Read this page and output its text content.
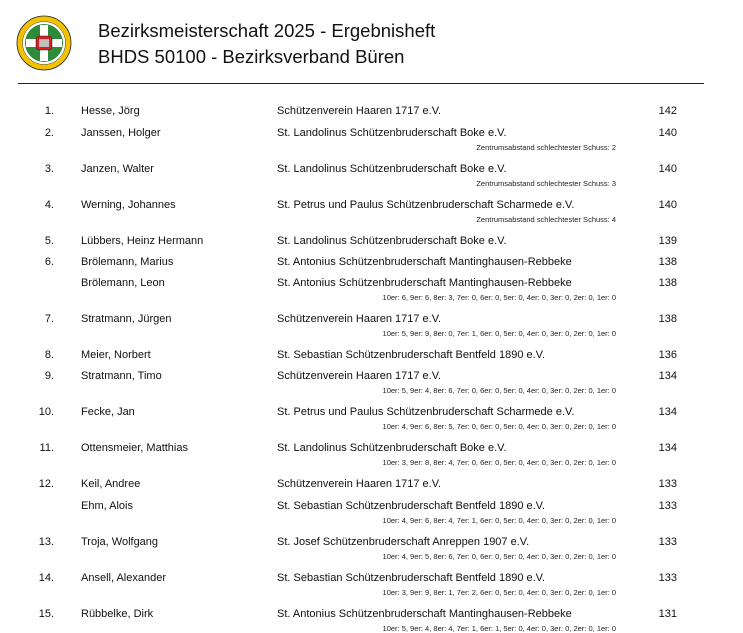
Bezirksmeisterschaft 2025 - Ergebnisheft
BHDS 50100 - Bezirksverband Büren
1. Hesse, Jörg	Schützenverein Haaren 1717 e.V.	142
2. Janssen, Holger	St. Landolinus Schützenbruderschaft Boke e.V.	140
Zentrumsabstand schlechtester Schuss: 2
3. Janzen, Walter	St. Landolinus Schützenbruderschaft Boke e.V.	140
Zentrumsabstand schlechtester Schuss: 3
4. Werning, Johannes	St. Petrus und Paulus Schützenbruderschaft Scharmede e.V.	140
Zentrumsabstand schlechtester Schuss: 4
5. Lübbers, Heinz Hermann	St. Landolinus Schützenbruderschaft Boke e.V.	139
6. Brölemann, Marius	St. Antonius Schützenbruderschaft Mantinghausen-Rebbeke	138
Brölemann, Leon	St. Antonius Schützenbruderschaft Mantinghausen-Rebbeke	138
10er: 6, 9er: 6, 8er: 3, 7er: 0, 6er: 0, 5er: 0, 4er: 0, 3er: 0, 2er: 0, 1er: 0
7. Stratmann, Jürgen	Schützenverein Haaren 1717 e.V.	138
10er: 5, 9er: 9, 8er: 0, 7er: 1, 6er: 0, 5er: 0, 4er: 0, 3er: 0, 2er: 0, 1er: 0
8. Meier, Norbert	St. Sebastian Schützenbruderschaft Bentfeld 1890 e.V.	136
9. Stratmann, Timo	Schützenverein Haaren 1717 e.V.	134
10er: 5, 9er: 4, 8er: 6, 7er: 0, 6er: 0, 5er: 0, 4er: 0, 3er: 0, 2er: 0, 1er: 0
10. Fecke, Jan	St. Petrus und Paulus Schützenbruderschaft Scharmede e.V.	134
10er: 4, 9er: 6, 8er: 5, 7er: 0, 6er: 0, 5er: 0, 4er: 0, 3er: 0, 2er: 0, 1er: 0
11. Ottensmeier, Matthias	St. Landolinus Schützenbruderschaft Boke e.V.	134
10er: 3, 9er: 8, 8er: 4, 7er: 0, 6er: 0, 5er: 0, 4er: 0, 3er: 0, 2er: 0, 1er: 0
12. Keil, Andree	Schützenverein Haaren 1717 e.V.	133
Ehm, Alois	St. Sebastian Schützenbruderschaft Bentfeld 1890 e.V.	133
10er: 4, 9er: 6, 8er: 4, 7er: 1, 6er: 0, 5er: 0, 4er: 0, 3er: 0, 2er: 0, 1er: 0
13. Troja, Wolfgang	St. Josef Schützenbruderschaft Anreppen 1907 e.V.	133
10er: 4, 9er: 5, 8er: 6, 7er: 0, 6er: 0, 5er: 0, 4er: 0, 3er: 0, 2er: 0, 1er: 0
14. Ansell, Alexander	St. Sebastian Schützenbruderschaft Bentfeld 1890 e.V.	133
10er: 3, 9er: 9, 8er: 1, 7er: 2, 6er: 0, 5er: 0, 4er: 0, 3er: 0, 2er: 0, 1er: 0
15. Rübbelke, Dirk	St. Antonius Schützenbruderschaft Mantinghausen-Rebbeke	131
10er: 5, 9er: 4, 8er: 4, 7er: 1, 6er: 1, 5er: 0, 4er: 0, 3er: 0, 2er: 0, 1er: 0
